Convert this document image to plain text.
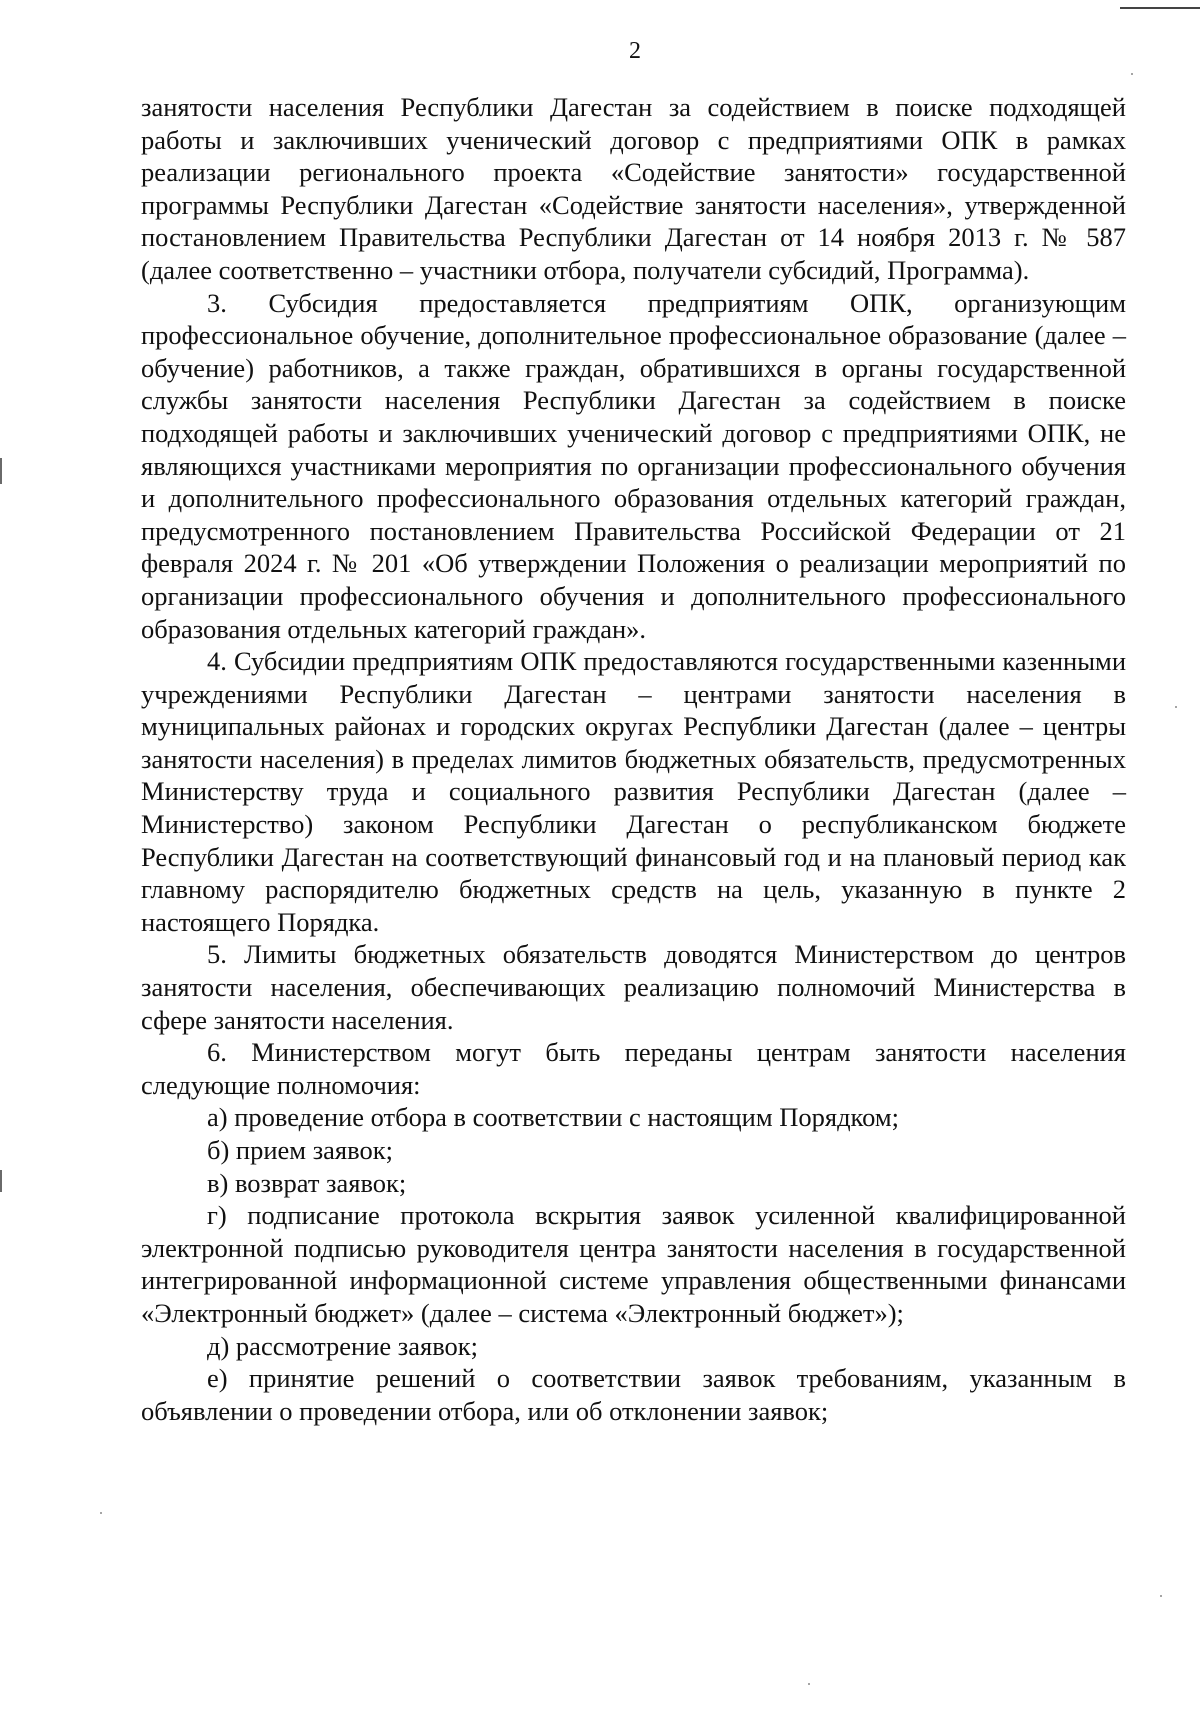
2

занятости населения Республики Дагестан за содействием в поиске подходящей работы и заключивших ученический договор с предприятиями ОПК в рамках реализации регионального проекта «Содействие занятости» государственной программы Республики Дагестан «Содействие занятости населения», утвержденной постановлением Правительства Республики Дагестан от 14 ноября 2013 г. № 587 (далее соответственно – участники отбора, получатели субсидий, Программа).

3. Субсидия предоставляется предприятиям ОПК, организующим профессиональное обучение, дополнительное профессиональное образование (далее – обучение) работников, а также граждан, обратившихся в органы государственной службы занятости населения Республики Дагестан за содействием в поиске подходящей работы и заключивших ученический договор с предприятиями ОПК, не являющихся участниками мероприятия по организации профессионального обучения и дополнительного профессионального образования отдельных категорий граждан, предусмотренного постановлением Правительства Российской Федерации от 21 февраля 2024 г. № 201 «Об утверждении Положения о реализации мероприятий по организации профессионального обучения и дополнительного профессионального образования отдельных категорий граждан».

4. Субсидии предприятиям ОПК предоставляются государственными казенными учреждениями Республики Дагестан – центрами занятости населения в муниципальных районах и городских округах Республики Дагестан (далее – центры занятости населения) в пределах лимитов бюджетных обязательств, предусмотренных Министерству труда и социального развития Республики Дагестан (далее – Министерство) законом Республики Дагестан о республиканском бюджете Республики Дагестан на соответствующий финансовый год и на плановый период как главному распорядителю бюджетных средств на цель, указанную в пункте 2 настоящего Порядка.

5. Лимиты бюджетных обязательств доводятся Министерством до центров занятости населения, обеспечивающих реализацию полномочий Министерства в сфере занятости населения.

6. Министерством могут быть переданы центрам занятости населения следующие полномочия:

а) проведение отбора в соответствии с настоящим Порядком;

б) прием заявок;

в) возврат заявок;

г) подписание протокола вскрытия заявок усиленной квалифицированной электронной подписью руководителя центра занятости населения в государственной интегрированной информационной системе управления общественными финансами «Электронный бюджет» (далее – система «Электронный бюджет»);

д) рассмотрение заявок;

е) принятие решений о соответствии заявок требованиям, указанным в объявлении о проведении отбора, или об отклонении заявок;
